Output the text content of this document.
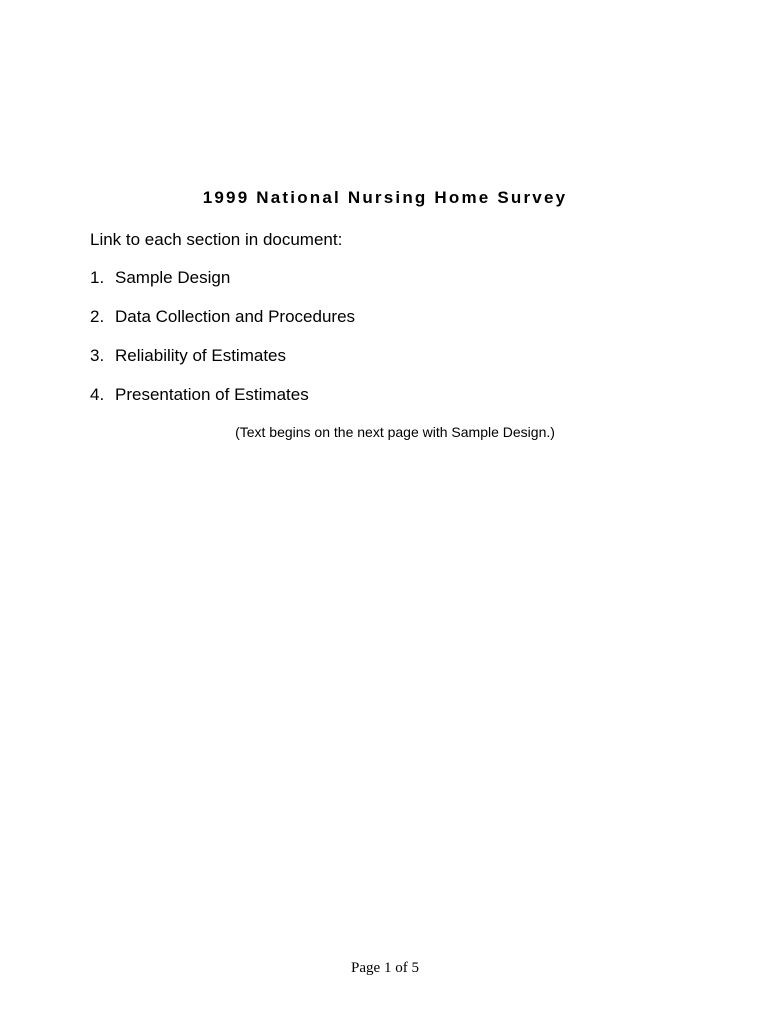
1999 National Nursing Home Survey
Link to each section in document:
1. Sample Design
2. Data Collection and Procedures
3. Reliability of Estimates
4. Presentation of Estimates
(Text begins on the next page with Sample Design.)
Page 1 of 5
